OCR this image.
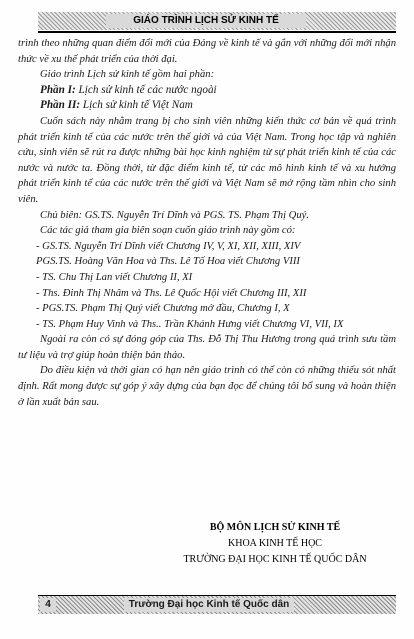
GIÁO TRÌNH LỊCH SỬ KINH TẾ

trình theo những quan điểm đổi mới của Đảng về kinh tế và gắn với những đổi mới nhận thức về xu thế phát triển của thời đại.

Giáo trình Lịch sử kinh tế gồm hai phần:

Phần I: Lịch sử kinh tế các nước ngoài

Phần II: Lịch sử kinh tế Việt Nam

Cuốn sách này nhằm trang bị cho sinh viên những kiến thức cơ bản về quá trình phát triển kinh tế của các nước trên thế giới và của Việt Nam. Trong học tập và nghiên cứu, sinh viên sẽ rút ra được những bài học kinh nghiệm từ sự phát triển kinh tế của các nước và nước ta. Đồng thời, từ đặc điểm kinh tế, từ các mô hình kinh tế và xu hướng phát triển kinh tế của các nước trên thế giới và Việt Nam sẽ mở rộng tầm nhìn cho sinh viên.

Chủ biên: GS.TS. Nguyễn Trí Dĩnh và PGS. TS. Phạm Thị Quý.

Các tác giả tham gia biên soạn cuốn giáo trình này gồm có:

- GS.TS. Nguyễn Trí Dĩnh viết Chương IV, V, XI, XII, XIII, XIV

PGS.TS. Hoàng Văn Hoa và Ths. Lê Tố Hoa viết Chương VIII

- TS. Chu Thị Lan viết Chương II, XI

- Ths. Đinh Thị Nhâm và Ths. Lê Quốc Hội viết Chương III, XII

- PGS.TS. Phạm Thị Quý viết Chương mở đầu, Chương I, X

- TS. Phạm Huy Vinh và Ths.. Trần Khánh Hưng viết Chương VI, VII, IX

Ngoài ra còn có sự đóng góp của Ths. Đỗ Thị Thu Hương trong quá trình sưu tầm tư liệu và trợ giúp hoàn thiện bản thảo.

Do điều kiện và thời gian có hạn nên giáo trình có thể còn có những thiếu sót nhất định. Rất mong được sự góp ý xây dựng của bạn đọc để chúng tôi bổ sung và hoàn thiện ở lần xuất bản sau.

BỘ MÔN LỊCH SỬ KINH TẾ
KHOA KINH TẾ HỌC
TRƯỜNG ĐẠI HỌC KINH TẾ QUỐC DÂN
4	Trường Đại học Kinh tế Quốc dân
